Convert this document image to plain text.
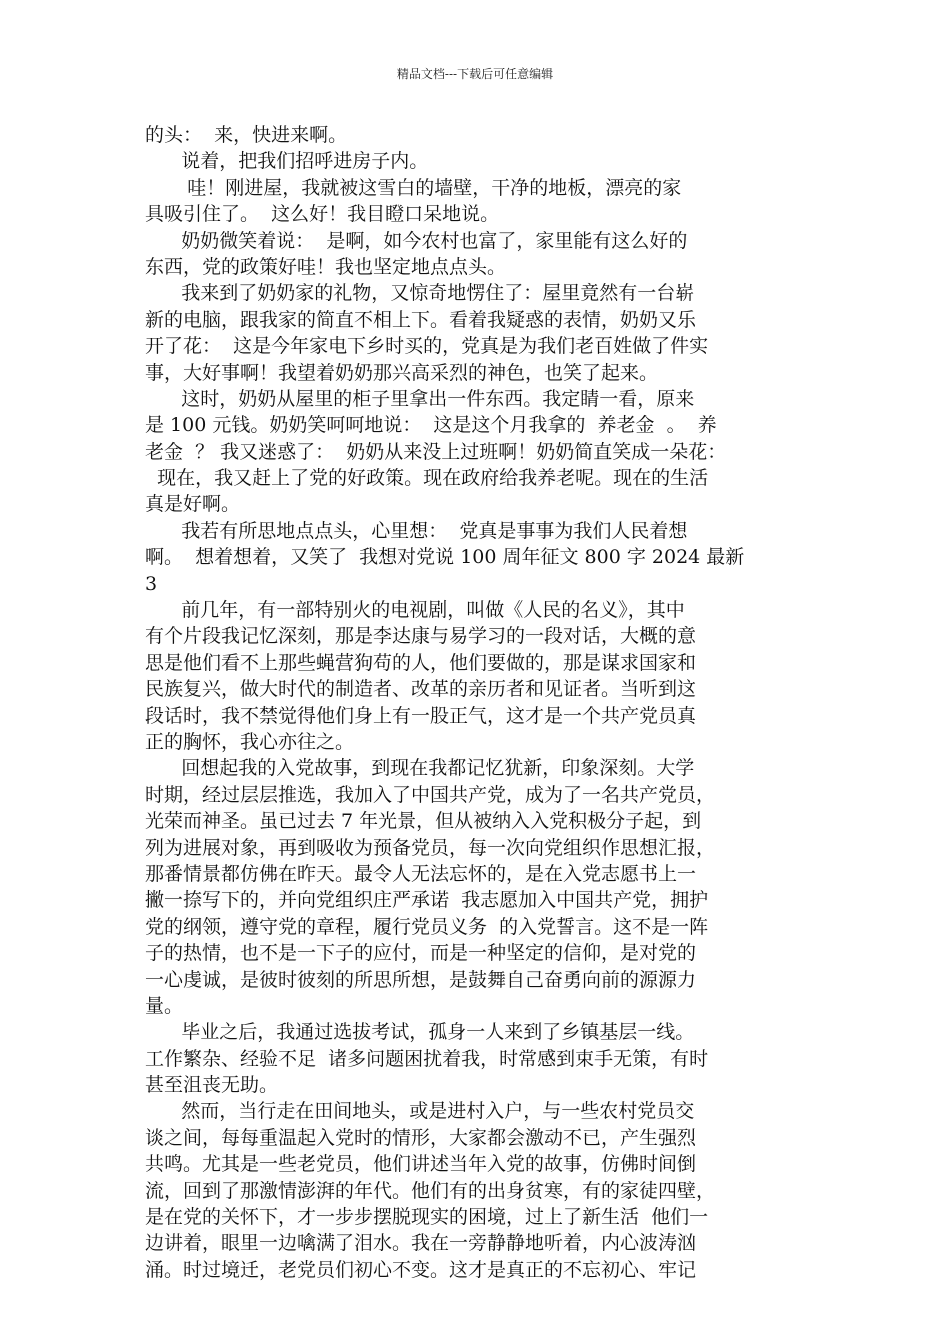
精品文档---下载后可任意编辑
的头：  来，快进来啊。
说着，把我们招呼进房子内。
哇！刚进屋，我就被这雪白的墙壁，干净的地板，漂亮的家
具吸引住了。  这么好！我目瞪口呆地说。
奶奶微笑着说：  是啊，如今农村也富了，家里能有这么好的
东西，党的政策好哇！我也坚定地点点头。
我来到了奶奶家的礼物，又惊奇地愣住了：屋里竟然有一台崭
新的电脑，跟我家的简直不相上下。看着我疑惑的表情，奶奶又乐
开了花：  这是今年家电下乡时买的，党真是为我们老百姓做了件实
事，大好事啊！我望着奶奶那兴高采烈的神色，也笑了起来。
这时，奶奶从屋里的柜子里拿出一件东西。我定睛一看，原来
是 100 元钱。奶奶笑呵呵地说：  这是这个月我拿的  养老金  。  养
老金  ？ 我又迷惑了：  奶奶从来没上过班啊！奶奶简直笑成一朵花：
现在，我又赶上了党的好政策。现在政府给我养老呢。现在的生活
真是好啊。
我若有所思地点点头，心里想：  党真是事事为我们人民着想
啊。  想着想着，又笑了  我想对党说 100 周年征文 800 字 2024 最新
3
前几年，有一部特别火的电视剧，叫做《人民的名义》，其中
有个片段我记忆深刻，那是李达康与易学习的一段对话，大概的意
思是他们看不上那些蝇营狗苟的人，他们要做的，那是谋求国家和
民族复兴，做大时代的制造者、改革的亲历者和见证者。当听到这
段话时，我不禁觉得他们身上有一股正气，这才是一个共产党员真
正的胸怀，我心亦往之。
回想起我的入党故事，到现在我都记忆犹新，印象深刻。大学
时期，经过层层推选，我加入了中国共产党，成为了一名共产党员，
光荣而神圣。虽已过去 7 年光景，但从被纳入入党积极分子起，到
列为进展对象，再到吸收为预备党员，每一次向党组织作思想汇报，
那番情景都仿佛在昨天。最令人无法忘怀的，是在入党志愿书上一
撇一捺写下的，并向党组织庄严承诺  我志愿加入中国共产党，拥护
党的纲领，遵守党的章程，履行党员义务  的入党誓言。这不是一阵
子的热情，也不是一下子的应付，而是一种坚定的信仰，是对党的
一心虔诚，是彼时彼刻的所思所想，是鼓舞自己奋勇向前的源源力
量。
毕业之后，我通过选拔考试，孤身一人来到了乡镇基层一线。
工作繁杂、经验不足  诸多问题困扰着我，时常感到束手无策，有时
甚至沮丧无助。
然而，当行走在田间地头，或是进村入户，与一些农村党员交
谈之间，每每重温起入党时的情形，大家都会激动不已，产生强烈
共鸣。尤其是一些老党员，他们讲述当年入党的故事，仿佛时间倒
流，回到了那激情澎湃的年代。他们有的出身贫寒，有的家徒四壁，
是在党的关怀下，才一步步摆脱现实的困境，过上了新生活  他们一
边讲着，眼里一边噙满了泪水。我在一旁静静地听着，内心波涛汹
涌。时过境迁，老党员们初心不变。这才是真正的不忘初心、牢记
